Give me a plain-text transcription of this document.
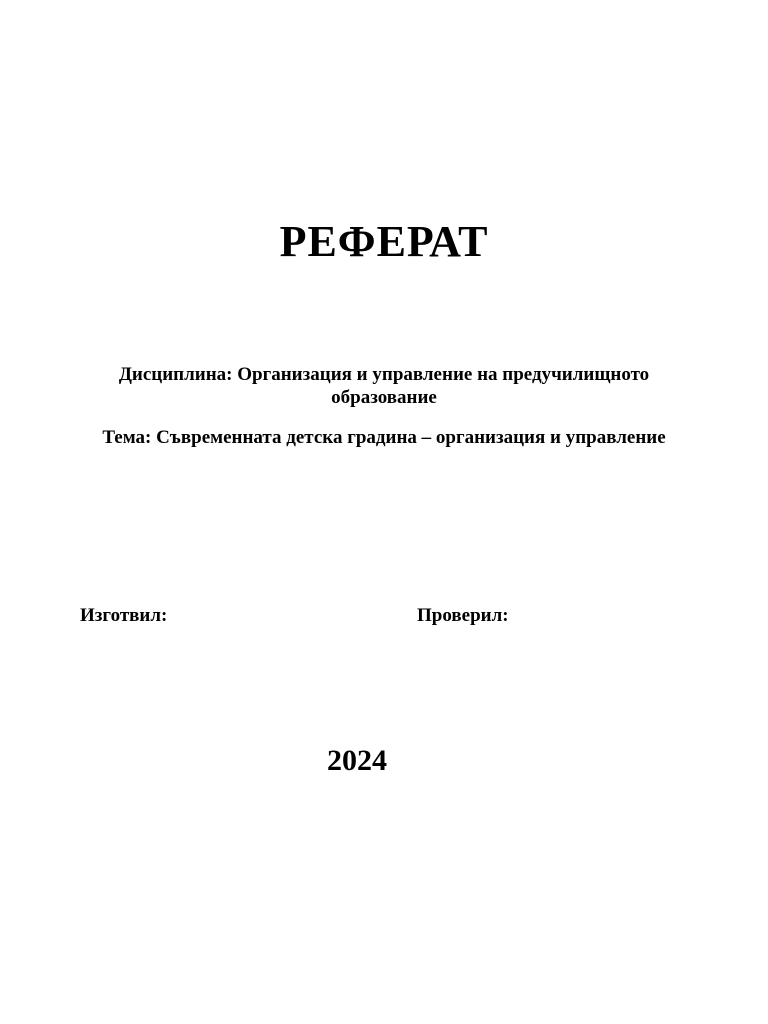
РЕФЕРАТ
Дисциплина: Организация и управление на предучилищното образование
Тема: Съвременната детска градина – организация и управление
Изготвил:	Проверил:
2024
